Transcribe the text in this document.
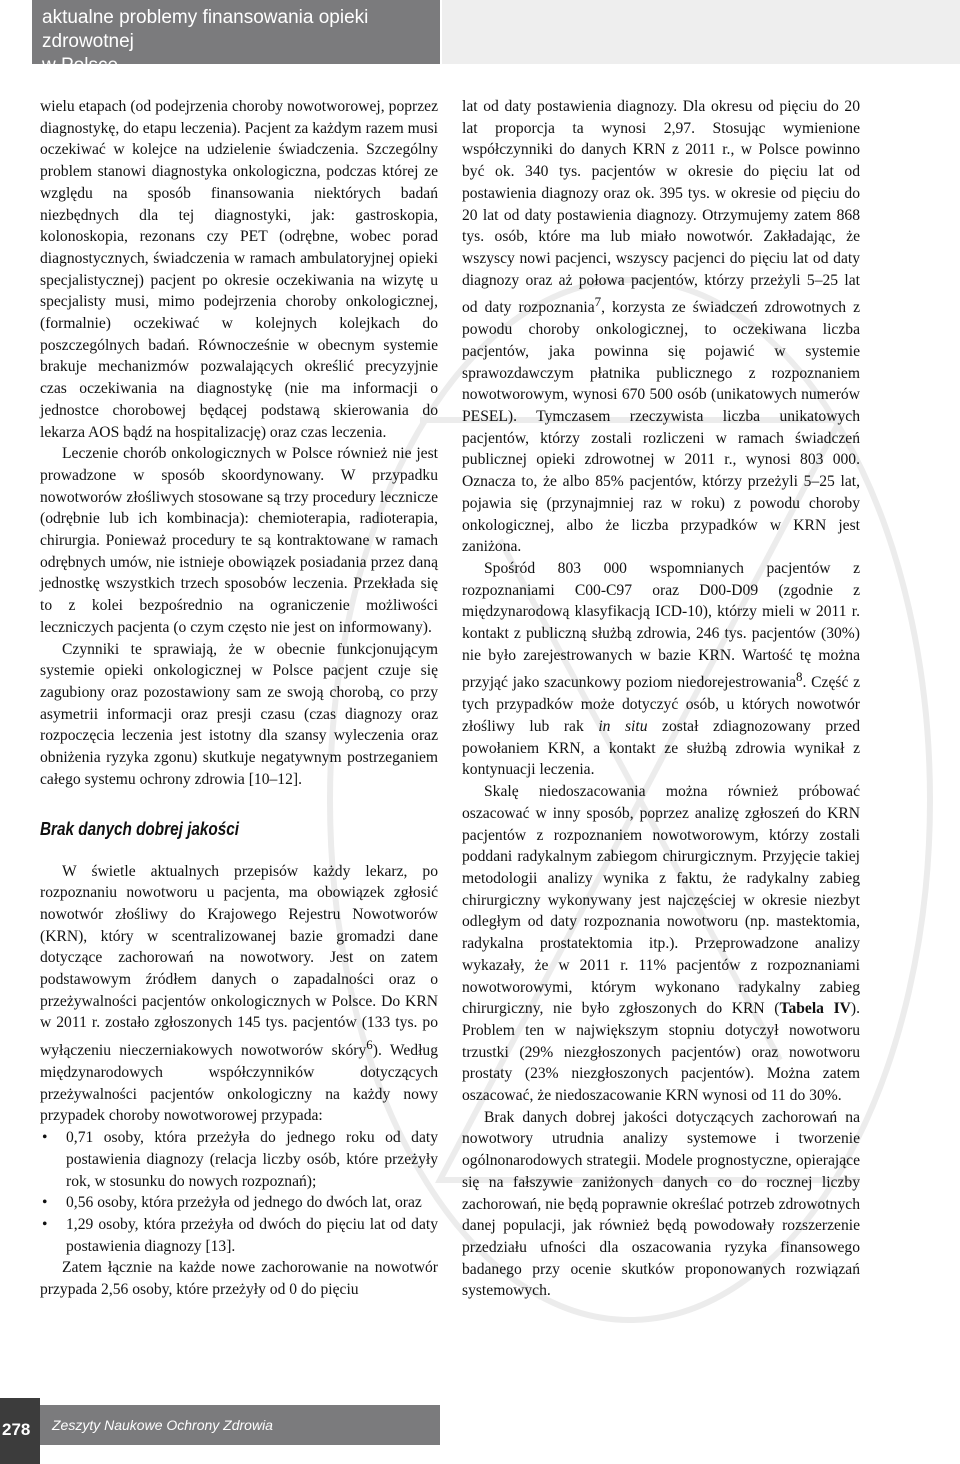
aktualne problemy finansowania opieki zdrowotnej
w Polsce

wielu etapach (od podejrzenia choroby nowotworowej, poprzez diagnostykę, do etapu leczenia). Pacjent za każdym razem musi oczekiwać w kolejce na udzielenie świadczenia. Szczególny problem stanowi diagnostyka onkologiczna, podczas której ze względu na sposób finansowania niektórych badań niezbędnych dla tej diagnostyki, jak: gastroskopia, kolonoskopia, rezonans czy PET (odrębne, wobec porad diagnostycznych, świadczenia w ramach ambulatoryjnej opieki specjalistycznej) pacjent po okresie oczekiwania na wizytę u specjalisty musi, mimo podejrzenia choroby onkologicznej, (formalnie) oczekiwać w kolejnych kolejkach do poszczególnych badań. Równocześnie w obecnym systemie brakuje mechanizmów pozwalających określić precyzyjnie czas oczekiwania na diagnostykę (nie ma informacji o jednostce chorobowej będącej podstawą skierowania do lekarza AOS bądź na hospitalizację) oraz czas leczenia.

Leczenie chorób onkologicznych w Polsce również nie jest prowadzone w sposób skoordynowany. W przypadku nowotworów złośliwych stosowane są trzy procedury lecznicze (odrębnie lub ich kombinacja): chemioterapia, radioterapia, chirurgia. Ponieważ procedury te są kontraktowane w ramach odrębnych umów, nie istnieje obowiązek posiadania przez daną jednostkę wszystkich trzech sposobów leczenia. Przekłada się to z kolei bezpośrednio na ograniczenie możliwości leczniczych pacjenta (o czym często nie jest on informowany).

Czynniki te sprawiają, że w obecnie funkcjonującym systemie opieki onkologicznej w Polsce pacjent czuje się zagubiony oraz pozostawiony sam ze swoją chorobą, co przy asymetrii informacji oraz presji czasu (czas diagnozy oraz rozpoczęcia leczenia jest istotny dla szansy wyleczenia oraz obniżenia ryzyka zgonu) skutkuje negatywnym postrzeganiem całego systemu ochrony zdrowia [10–12].

Brak danych dobrej jakości

W świetle aktualnych przepisów każdy lekarz, po rozpoznaniu nowotworu u pacjenta, ma obowiązek zgłosić nowotwór złośliwy do Krajowego Rejestru Nowotworów (KRN), który w scentralizowanej bazie gromadzi dane dotyczące zachorowań na nowotwory. Jest on zatem podstawowym źródłem danych o zapadalności oraz o przeżywalności pacjentów onkologicznych w Polsce. Do KRN w 2011 r. zostało zgłoszonych 145 tys. pacjentów (133 tys. po wyłączeniu nieczerniakowych nowotworów skóry$^6$). Według międzynarodowych współczynników dotyczących przeżywalności pacjentów onkologiczny na każdy nowy przypadek choroby nowotworowej przypada:

• 0,71 osoby, która przeżyła do jednego roku od daty postawienia diagnozy (relacja liczby osób, które przeżyły rok, w stosunku do nowych rozpoznań);
• 0,56 osoby, która przeżyła od jednego do dwóch lat, oraz
• 1,29 osoby, która przeżyła od dwóch do pięciu lat od daty postawienia diagnozy [13].

Zatem łącznie na każde nowe zachorowanie na nowotwór przypada 2,56 osoby, które przeżyły od 0 do pięciu

lat od daty postawienia diagnozy. Dla okresu od pięciu do 20 lat proporcja ta wynosi 2,97. Stosując wymienione współczynniki do danych KRN z 2011 r., w Polsce powinno być ok. 340 tys. pacjentów w okresie do pięciu lat od postawienia diagnozy oraz ok. 395 tys. w okresie od pięciu do 20 lat od daty postawienia diagnozy. Otrzymujemy zatem 868 tys. osób, które ma lub miało nowotwór. Zakładając, że wszyscy nowi pacjenci, wszyscy pacjenci do pięciu lat od daty diagnozy oraz aż połowa pacjentów, którzy przeżyli 5–25 lat od daty rozpoznania$^7$, korzysta ze świadczeń zdrowotnych z powodu choroby onkologicznej, to oczekiwana liczba pacjentów, jaka powinna się pojawić w systemie sprawozdawczym płatnika publicznego z rozpoznaniem nowotworowym, wynosi 670 500 osób (unikatowych numerów PESEL). Tymczasem rzeczywista liczba unikatowych pacjentów, którzy zostali rozliczeni w ramach świadczeń publicznej opieki zdrowotnej w 2011 r., wynosi 803 000. Oznacza to, że albo 85% pacjentów, którzy przeżyli 5–25 lat, pojawia się (przynajmniej raz w roku) z powodu choroby onkologicznej, albo że liczba przypadków w KRN jest zaniżona.

Spośród 803 000 wspomnianych pacjentów z rozpoznaniami C00-C97 oraz D00-D09 (zgodnie z międzynarodową klasyfikacją ICD-10), którzy mieli w 2011 r. kontakt z publiczną służbą zdrowia, 246 tys. pacjentów (30%) nie było zarejestrowanych w bazie KRN. Wartość tę można przyjąć jako szacunkowy poziom niedorejestrowania$^8$. Część z tych przypadków może dotyczyć osób, u których nowotwór złośliwy lub rak in situ został zdiagnozowany przed powołaniem KRN, a kontakt ze służbą zdrowia wynikał z kontynuacji leczenia.

Skalę niedoszacowania można również próbować oszacować w inny sposób, poprzez analizę zgłoszeń do KRN pacjentów z rozpoznaniem nowotworowym, którzy zostali poddani radykalnym zabiegom chirurgicznym. Przyjęcie takiej metodologii analizy wynika z faktu, że radykalny zabieg chirurgiczny wykonywany jest najczęściej w okresie niezbyt odległym od daty rozpoznania nowotworu (np. mastektomia, radykalna prostatektomia itp.). Przeprowadzone analizy wykazały, że w 2011 r. 11% pacjentów z rozpoznaniami nowotworowymi, którym wykonano radykalny zabieg chirurgiczny, nie było zgłoszonych do KRN (Tabela IV). Problem ten w największym stopniu dotyczył nowotworu trzustki (29% niezgłoszonych pacjentów) oraz nowotworu prostaty (23% niezgłoszonych pacjentów). Można zatem oszacować, że niedoszacowanie KRN wynosi od 11 do 30%.

Brak danych dobrej jakości dotyczących zachorowań na nowotwory utrudnia analizy systemowe i tworzenie ogólnonarodowych strategii. Modele prognostyczne, opierające się na fałszywie zaniżonych danych co do rocznej liczby zachorowań, nie będą poprawnie określać potrzeb zdrowotnych danej populacji, jak również będą powodowały rozszerzenie przedziału ufności dla oszacowania ryzyka finansowego badanego przy ocenie skutków proponowanych rozwiązań systemowych.

278	Zeszyty Naukowe Ochrony Zdrowia
